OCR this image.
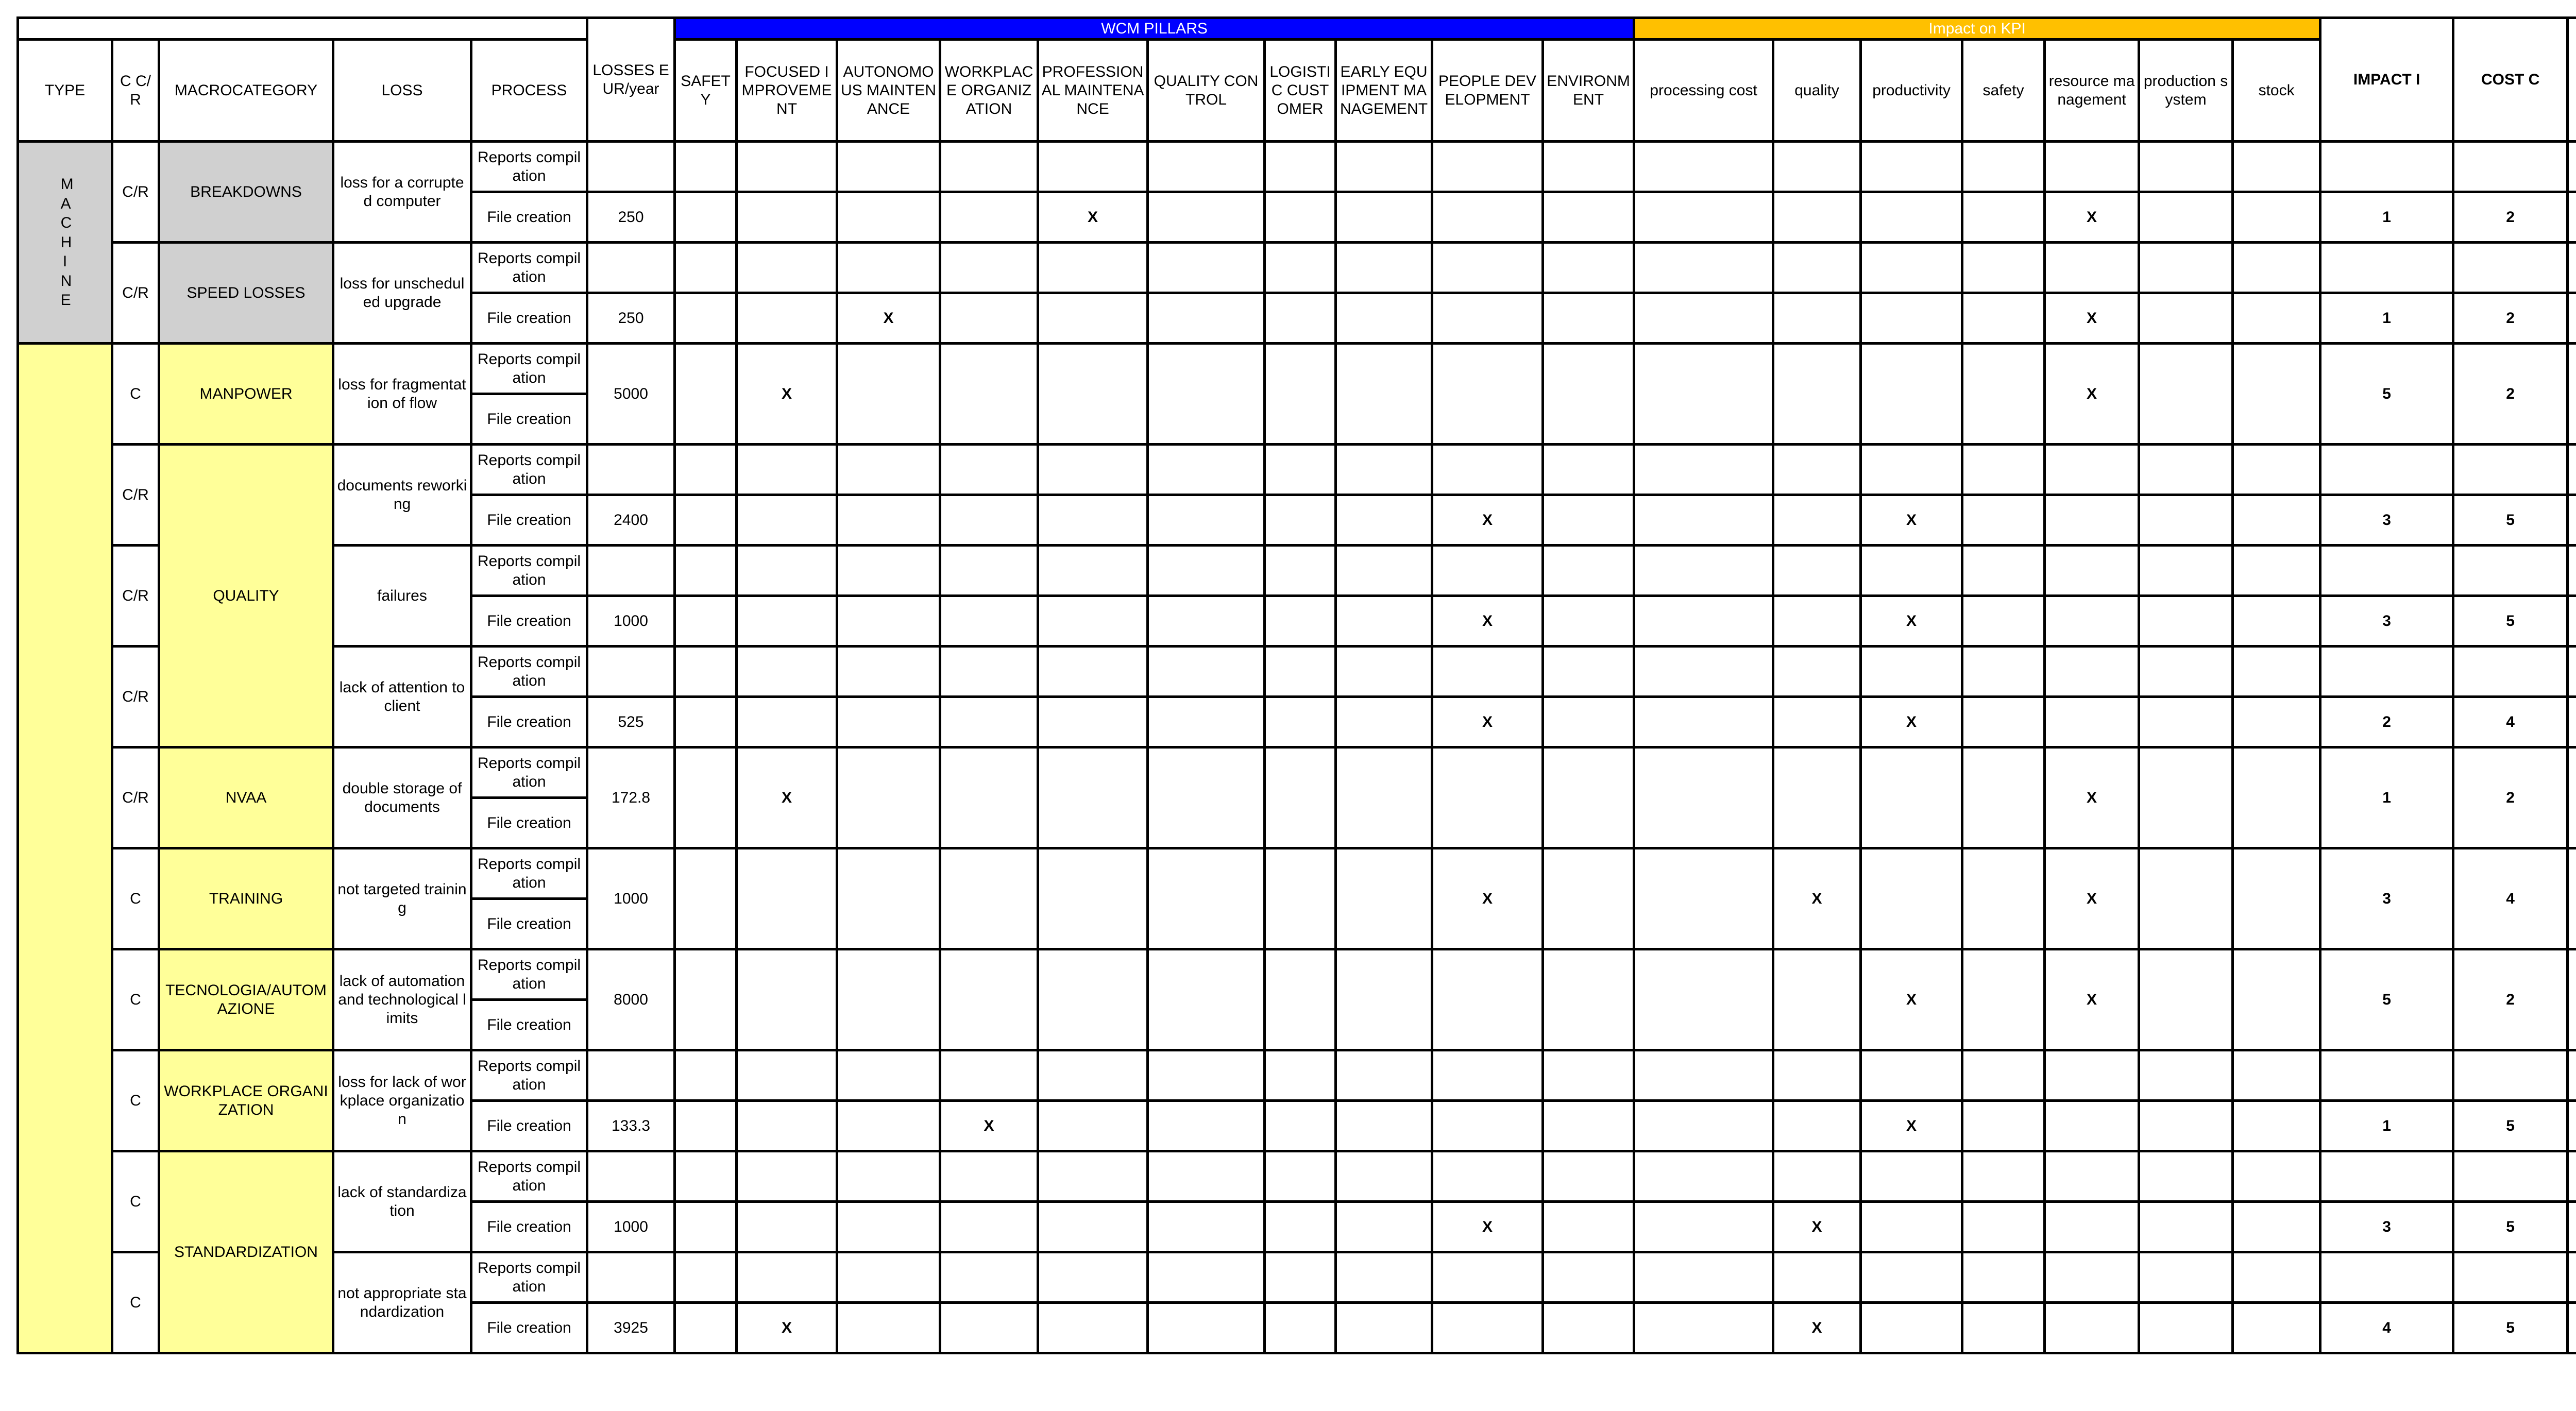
					LOSSES EUR/year	WCM PILLARS										Impact on KPI							IMPACT I	COST C		
TYPE	C C/R	MACROCATEGORY	LOSS	PROCESS		SAFETY	FOCUSED IMPROVEMENT	AUTONOMOUS MAINTENANCE	WORKPLACE ORGANIZATION	PROFESSIONAL MAINTENANCE	QUALITY CONTROL	LOGISTIC CUSTOMER	EARLY EQUIPMENT MANAGEMENT	PEOPLE DEVELOPMENT	ENVIRONMENT	processing cost	quality	productivity	safety	resource management	production system	stock				

MACHINE	C/R	BREAKDOWNS	loss for a corrupted computer	Reports compilation																						
				File creation	250					X										X			1	2		
	C/R	SPEED LOSSES	loss for unscheduled upgrade	Reports compilation																						
				File creation	250			X												X			1	2		
	C	MANPOWER	loss for fragmentation of flow	Reports compilation	5000		X													X			5	2		
				File creation																						
	C/R	QUALITY	documents reworking	Reports compilation																						
				File creation	2400									X				X					3	5		
	C/R		failures	Reports compilation																						
				File creation	1000									X				X					3	5		
	C/R		lack of attention to client	Reports compilation																						
				File creation	525									X				X					2	4		
	C/R	NVAA	double storage of documents	Reports compilation	172.8		X													X			1	2		
				File creation																						
	C	TRAINING	not targeted training	Reports compilation	1000									X			X			X			3	4		
				File creation																						
	C	TECNOLOGIA/AUTOMAZIONE	lack of automation and technological limits	Reports compilation	8000													X		X			5	2		
				File creation																						
	C	WORKPLACE ORGANIZATION	loss for lack of workplace organization	Reports compilation																						
				File creation	133.3				X									X					1	5		
	C	STANDARDIZATION	lack of standardization	Reports compilation																						
				File creation	1000									X			X						3	5		
	C		not appropriate standardization	Reports compilation																						
				File creation	3925		X										X						4	5		
